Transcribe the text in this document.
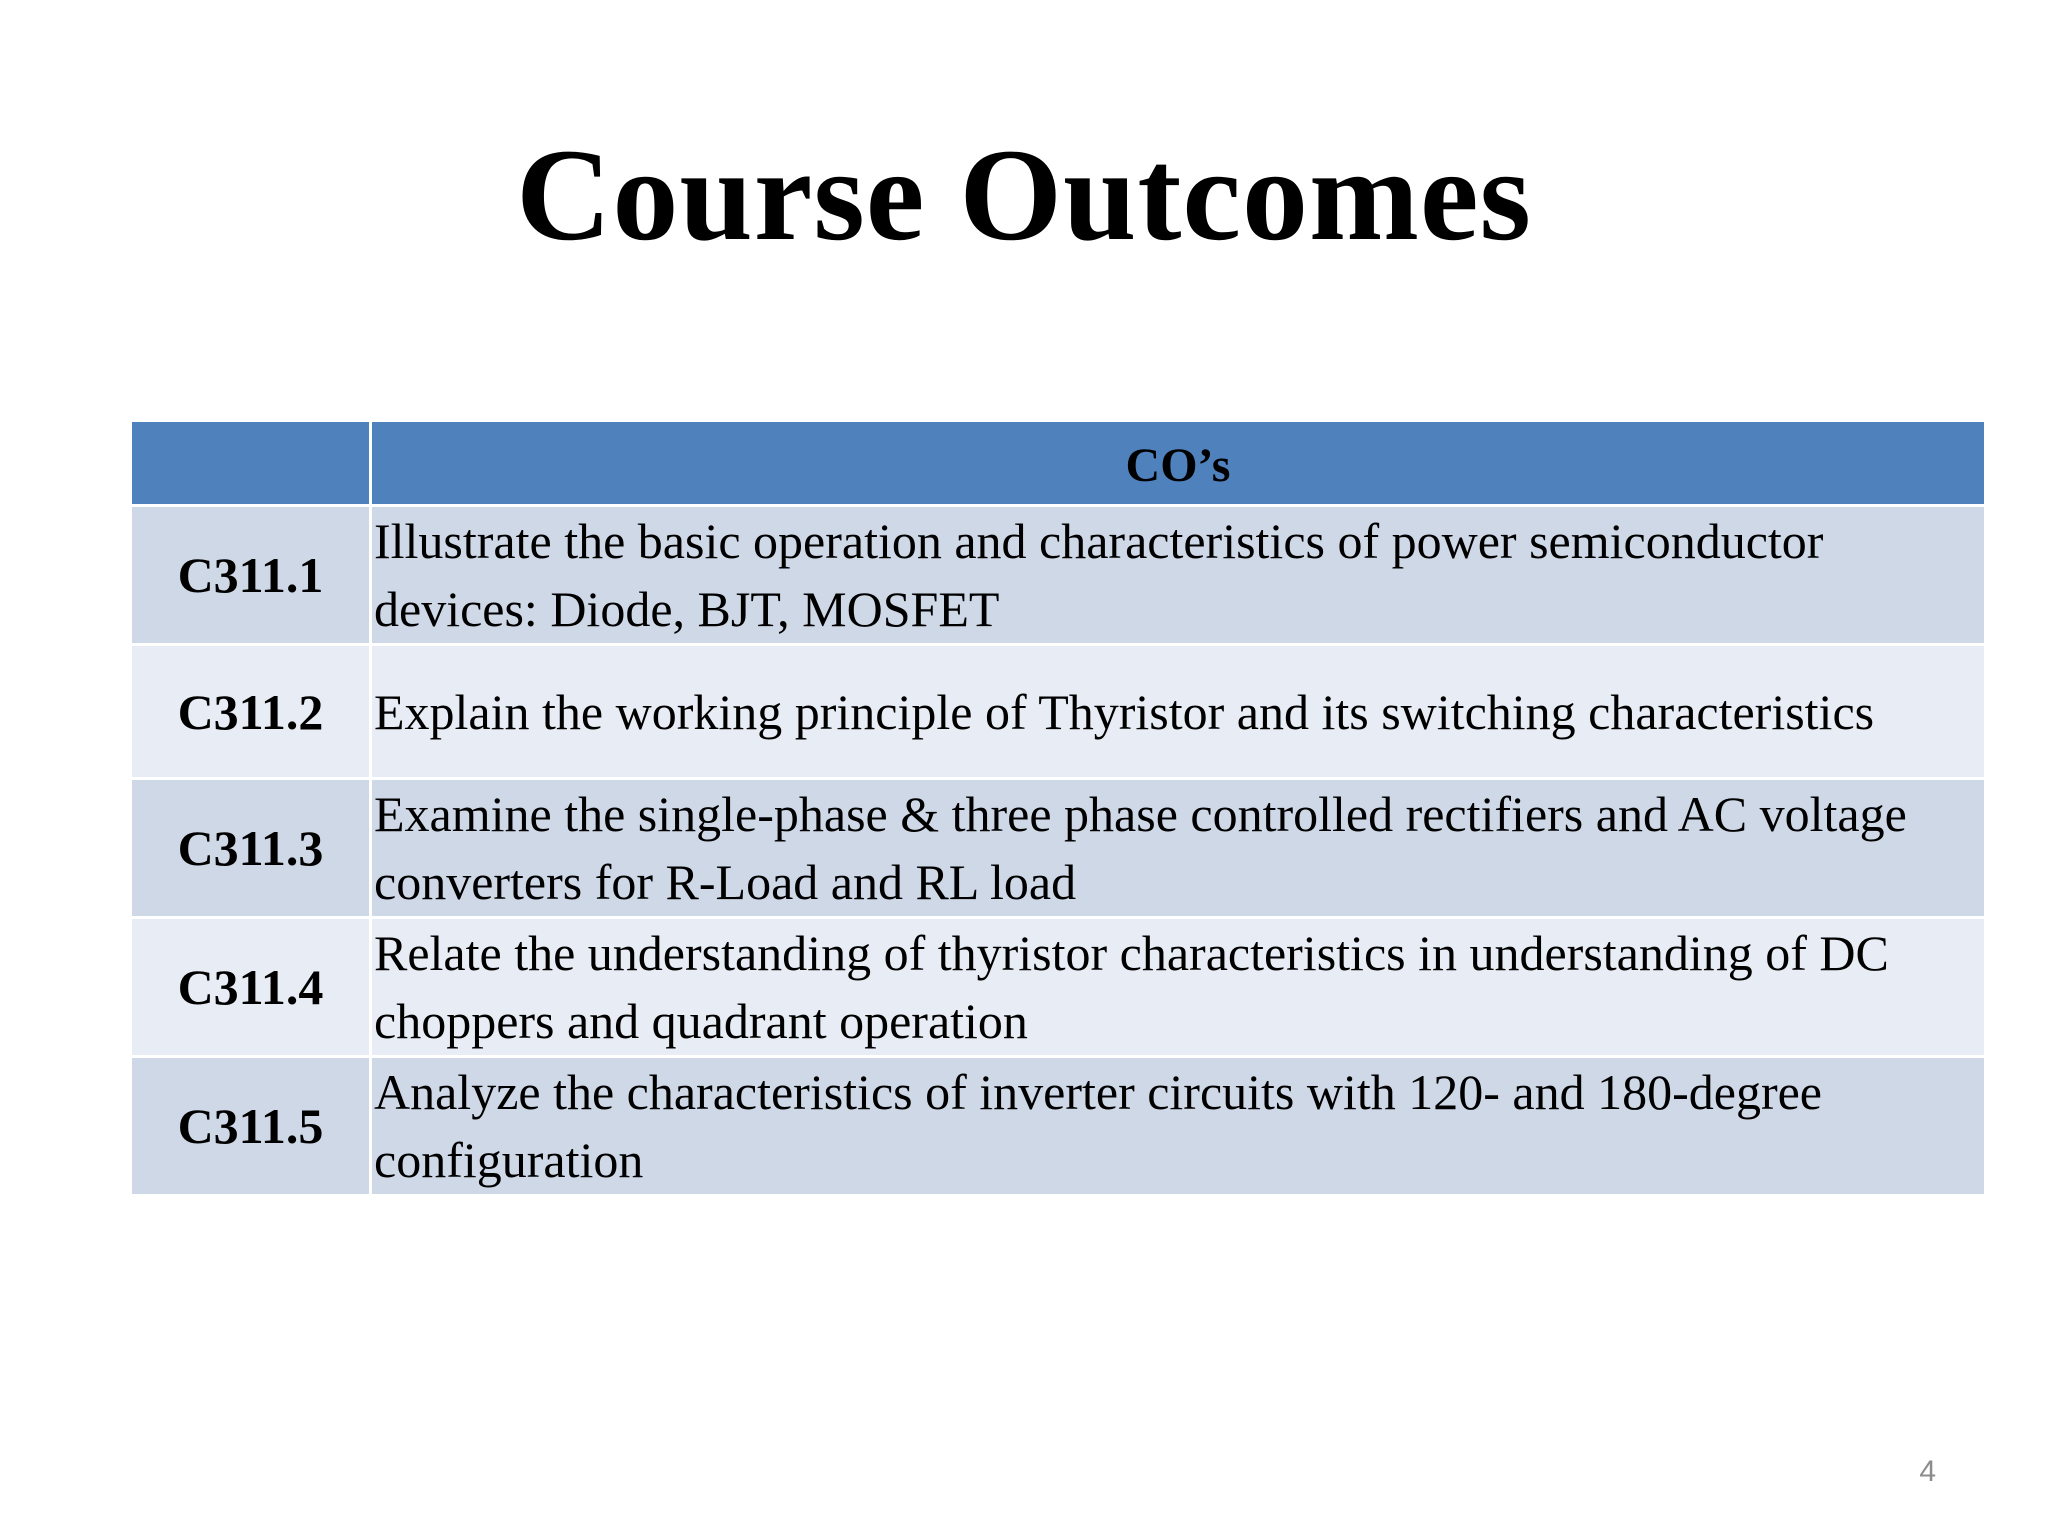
Course Outcomes
	CO’s
C311.1	Illustrate the basic operation and characteristics of power semiconductor devices: Diode, BJT, MOSFET
C311.2	Explain the working principle of Thyristor and its switching characteristics
C311.3	Examine the single-phase & three phase controlled rectifiers and AC voltage converters for R-Load and RL load
C311.4	Relate the understanding of thyristor characteristics in understanding of DC choppers and quadrant operation
C311.5	Analyze the characteristics of inverter circuits with 120- and 180-degree configuration
4
